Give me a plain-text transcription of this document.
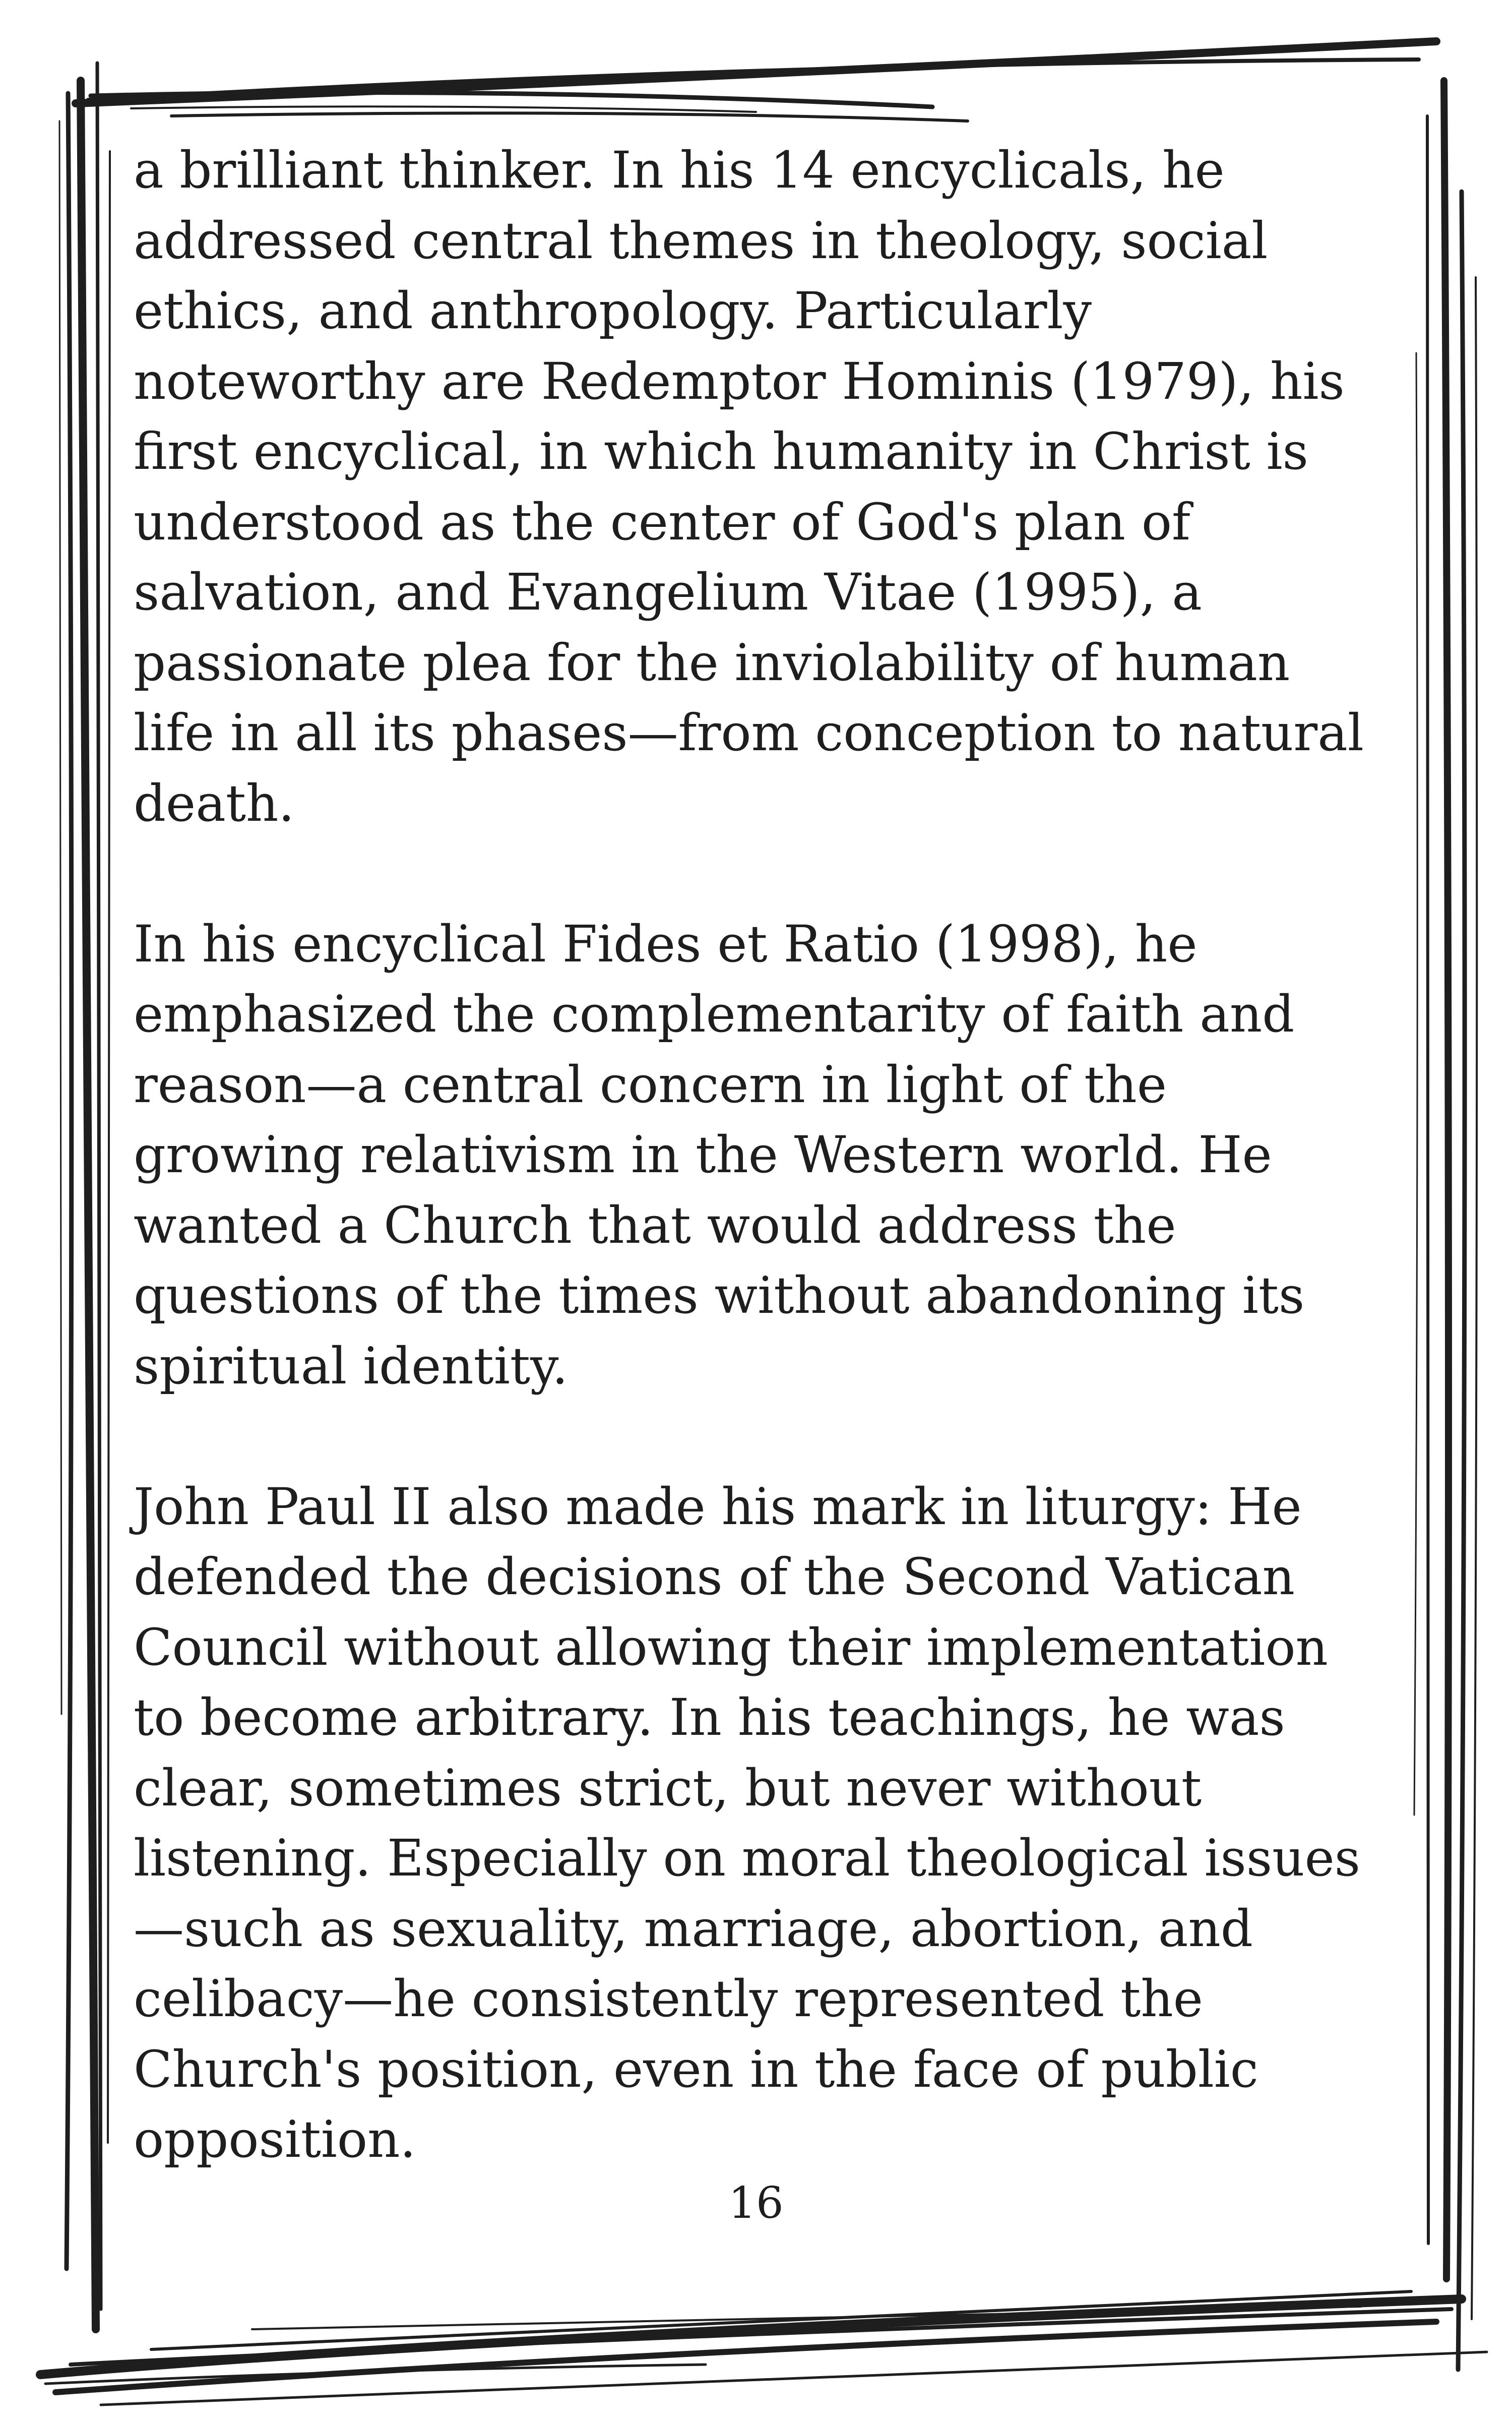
a brilliant thinker. In his 14 encyclicals, he
addressed central themes in theology, social
ethics, and anthropology. Particularly
noteworthy are Redemptor Hominis (1979), his
first encyclical, in which humanity in Christ is
understood as the center of God's plan of
salvation, and Evangelium Vitae (1995), a
passionate plea for the inviolability of human
life in all its phases—from conception to natural
death.

In his encyclical Fides et Ratio (1998), he
emphasized the complementarity of faith and
reason—a central concern in light of the
growing relativism in the Western world. He
wanted a Church that would address the
questions of the times without abandoning its
spiritual identity.

John Paul II also made his mark in liturgy: He
defended the decisions of the Second Vatican
Council without allowing their implementation
to become arbitrary. In his teachings, he was
clear, sometimes strict, but never without
listening. Especially on moral theological issues
—such as sexuality, marriage, abortion, and
celibacy—he consistently represented the
Church's position, even in the face of public
opposition.

16
